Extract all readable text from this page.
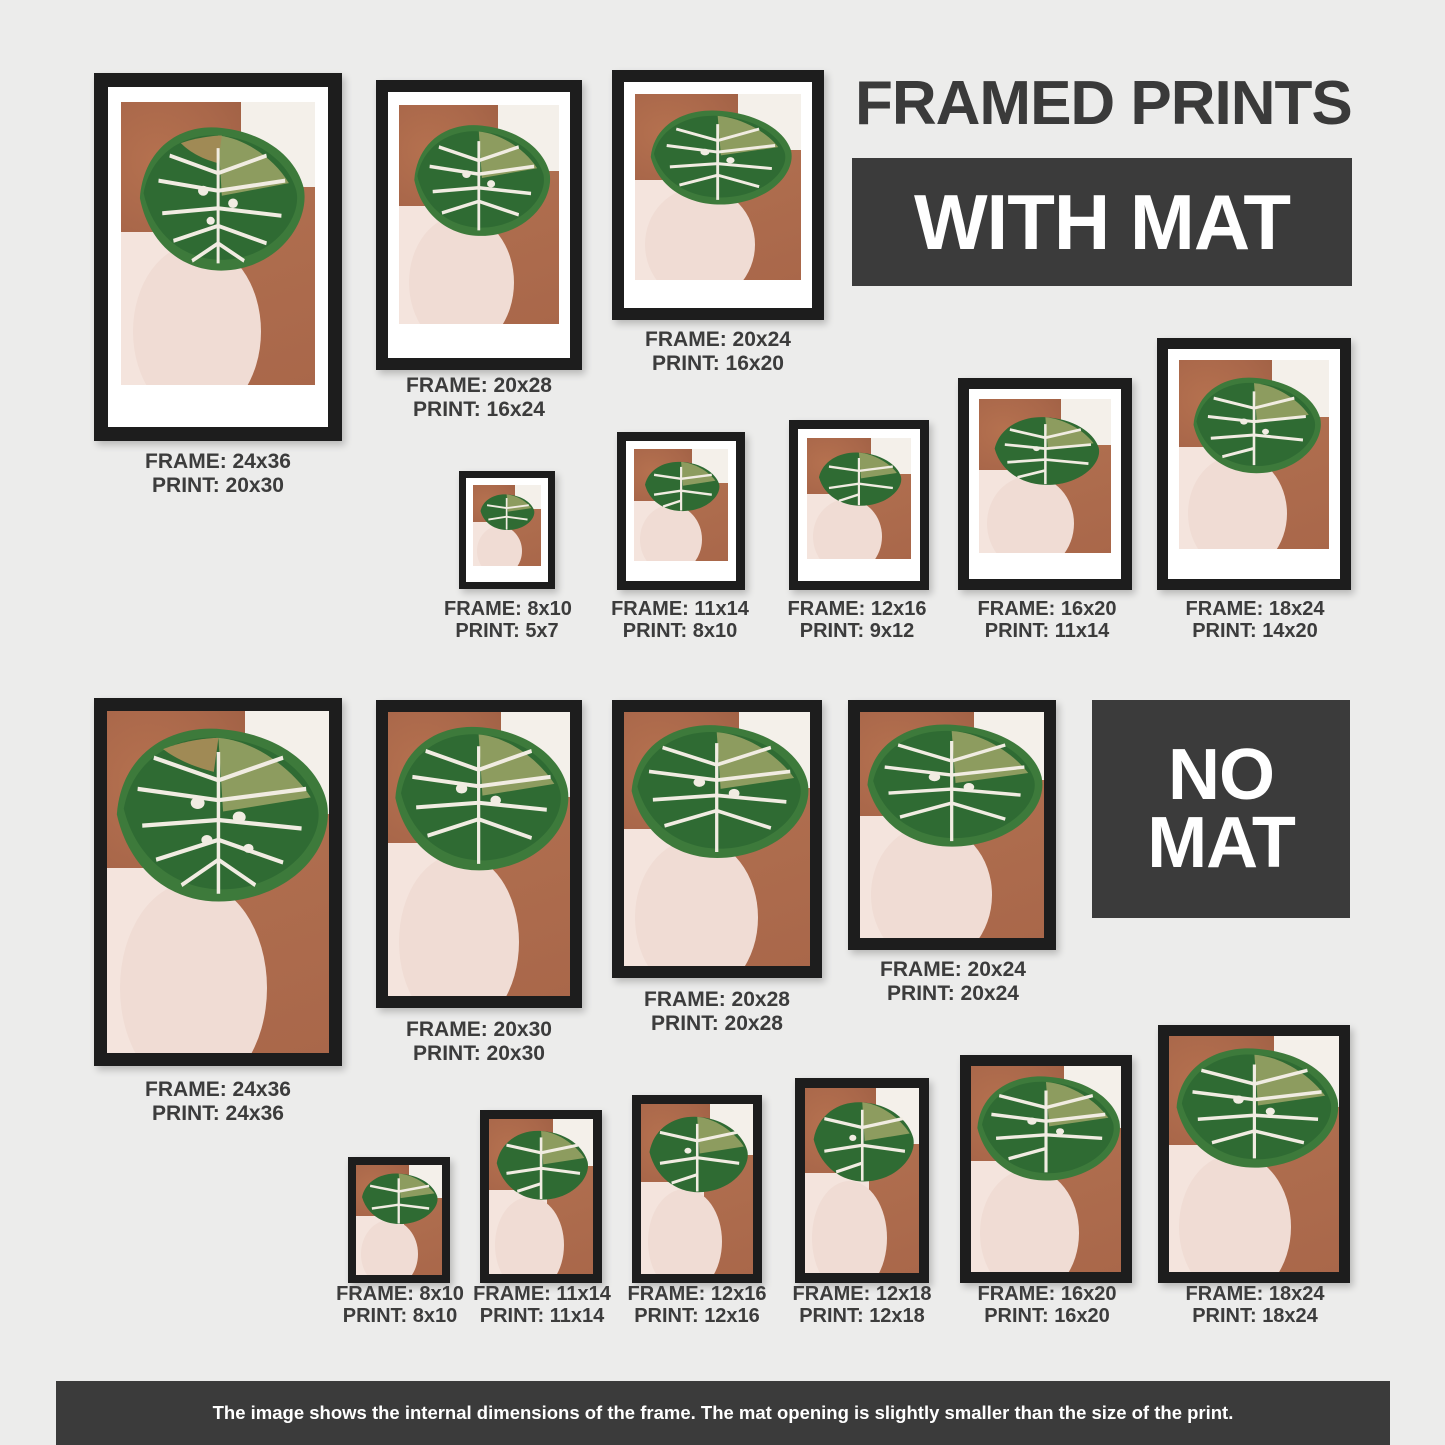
FRAMED PRINTS
WITH MAT
NO
MAT
FRAME: 24x36
PRINT: 20x30
FRAME: 20x28
PRINT: 16x24
FRAME: 20x24
PRINT: 16x20
FRAME: 8x10
PRINT: 5x7
FRAME: 11x14
PRINT: 8x10
FRAME: 12x16
PRINT: 9x12
FRAME: 16x20
PRINT: 11x14
FRAME: 18x24
PRINT: 14x20
FRAME: 24x36
PRINT: 24x36
FRAME: 20x30
PRINT: 20x30
FRAME: 20x28
PRINT: 20x28
FRAME: 20x24
PRINT: 20x24
FRAME: 8x10
PRINT: 8x10
FRAME: 11x14
PRINT: 11x14
FRAME: 12x16
PRINT: 12x16
FRAME: 12x18
PRINT: 12x18
FRAME: 16x20
PRINT: 16x20
FRAME: 18x24
PRINT: 18x24
The image shows the internal dimensions of the frame. The mat opening is slightly smaller than the size of the print.
